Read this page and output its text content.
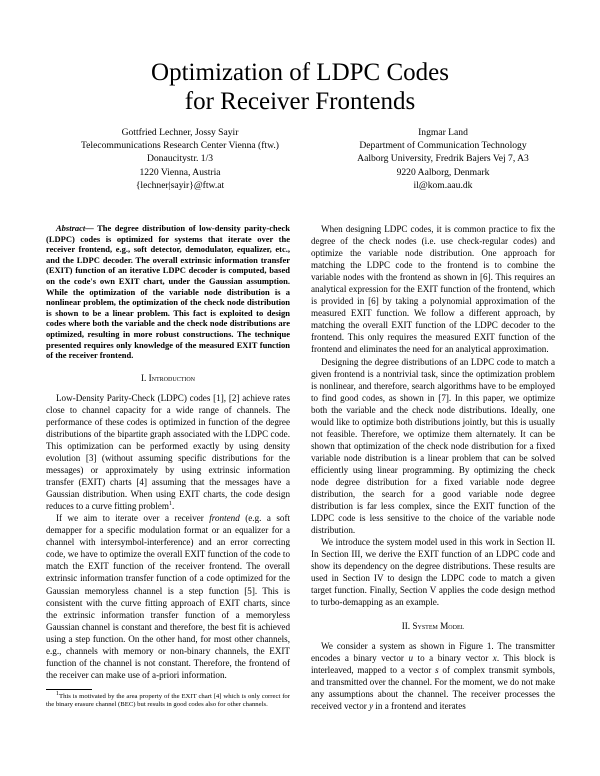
Optimization of LDPC Codes
for Receiver Frontends
Gottfried Lechner, Jossy Sayir
Telecommunications Research Center Vienna (ftw.)
Donaucitystr. 1/3
1220 Vienna, Austria
{lechner|sayir}@ftw.at
Ingmar Land
Department of Communication Technology
Aalborg University, Fredrik Bajers Vej 7, A3
9220 Aalborg, Denmark
il@kom.aau.dk

Abstract— The degree distribution of low-density parity-check (LDPC) codes is optimized for systems that iterate over the receiver frontend, e.g., soft detector, demodulator, equalizer, etc., and the LDPC decoder. The overall extrinsic information transfer (EXIT) function of an iterative LDPC decoder is computed, based on the code's own EXIT chart, under the Gaussian assumption. While the optimization of the variable node distribution is a nonlinear problem, the optimization of the check node distribution is shown to be a linear problem. This fact is exploited to design codes where both the variable and the check node distributions are optimized, resulting in more robust constructions. The technique presented requires only knowledge of the measured EXIT function of the receiver frontend.

I. Introduction

Low-Density Parity-Check (LDPC) codes [1], [2] achieve rates close to channel capacity for a wide range of channels. The performance of these codes is optimized in function of the degree distributions of the bipartite graph associated with the LDPC code. This optimization can be performed exactly by using density evolution [3] (without assuming specific distributions for the messages) or approximately by using extrinsic information transfer (EXIT) charts [4] assuming that the messages have a Gaussian distribution. When using EXIT charts, the code design reduces to a curve fitting problem$^1$.

If we aim to iterate over a receiver frontend (e.g. a soft demapper for a specific modulation format or an equalizer for a channel with intersymbol-interference) and an error correcting code, we have to optimize the overall EXIT function of the code to match the EXIT function of the receiver frontend. The overall extrinsic information transfer function of a code optimized for the Gaussian memoryless channel is a step function [5]. This is consistent with the curve fitting approach of EXIT charts, since the extrinsic information transfer function of a memoryless Gaussian channel is constant and therefore, the best fit is achieved using a step function. On the other hand, for most other channels, e.g., channels with memory or non-binary channels, the EXIT function of the channel is not constant. Therefore, the frontend of the receiver can make use of a-priori information.

$^1$This is motivated by the area property of the EXIT chart [4] which is only correct for the binary erasure channel (BEC) but results in good codes also for other channels.

When designing LDPC codes, it is common practice to fix the degree of the check nodes (i.e. use check-regular codes) and optimize the variable node distribution. One approach for matching the LDPC code to the frontend is to combine the variable nodes with the frontend as shown in [6]. This requires an analytical expression for the EXIT function of the frontend, which is provided in [6] by taking a polynomial approximation of the measured EXIT function. We follow a different approach, by matching the overall EXIT function of the LDPC decoder to the frontend. This only requires the measured EXIT function of the frontend and eliminates the need for an analytical approximation.

Designing the degree distributions of an LDPC code to match a given frontend is a nontrivial task, since the optimization problem is nonlinear, and therefore, search algorithms have to be employed to find good codes, as shown in [7]. In this paper, we optimize both the variable and the check node distributions. Ideally, one would like to optimize both distributions jointly, but this is usually not feasible. Therefore, we optimize them alternately. It can be shown that optimization of the check node distribution for a fixed variable node distribution is a linear problem that can be solved efficiently using linear programming. By optimizing the check node degree distribution for a fixed variable node degree distribution, the search for a good variable node degree distribution is far less complex, since the EXIT function of the LDPC code is less sensitive to the choice of the variable node distribution.

We introduce the system model used in this work in Section II. In Section III, we derive the EXIT function of an LDPC code and show its dependency on the degree distributions. These results are used in Section IV to design the LDPC code to match a given target function. Finally, Section V applies the code design method to turbo-demapping as an example.

II. System Model

We consider a system as shown in Figure 1. The transmitter encodes a binary vector u to a binary vector x. This block is interleaved, mapped to a vector s of complex transmit symbols, and transmitted over the channel. For the moment, we do not make any assumptions about the channel. The receiver processes the received vector y in a frontend and iterates
